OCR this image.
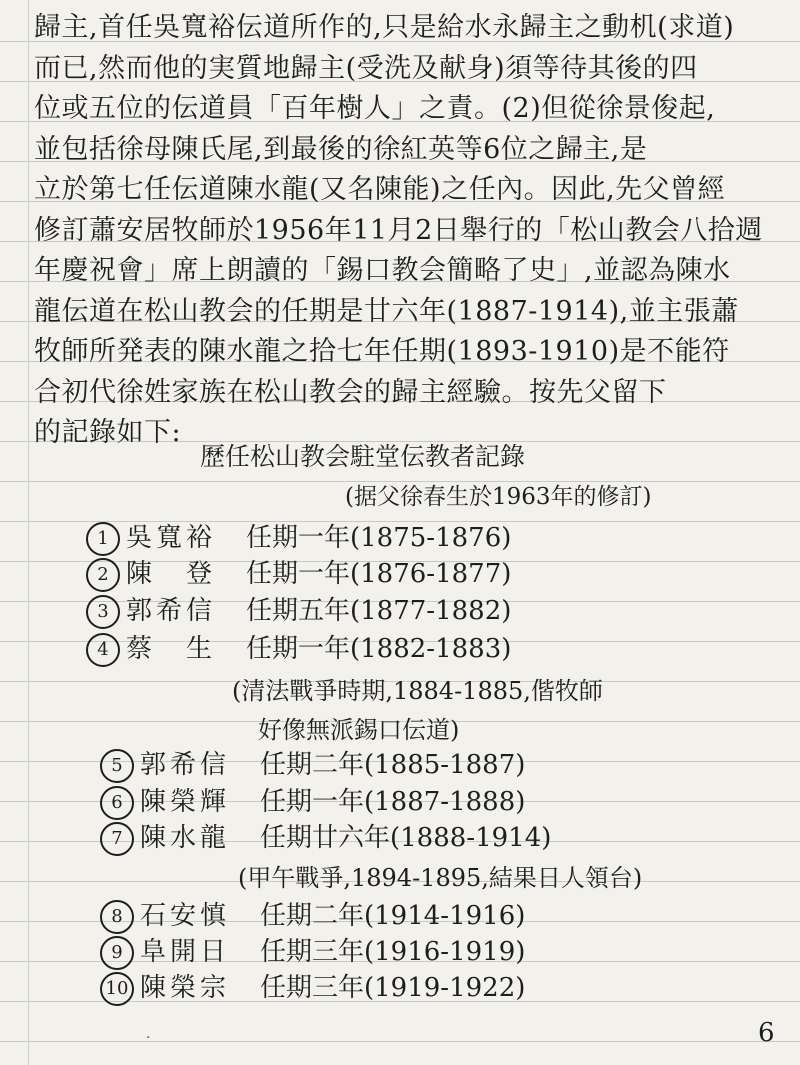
歸主,首任吳寬裕伝道所作的,只是給水永歸主之動机(求道)
而已,然而他的実質地歸主(受洗及献身)須等待其後的四
位或五位的伝道員「百年樹人」之責。(2)但從徐景俊起,
並包括徐母陳氏尾,到最後的徐紅英等6位之歸主,是
立於第七任伝道陳水龍(又名陳能)之任內。因此,先父曾經
修訂蕭安居牧師於1956年11月2日舉行的「松山教会八拾週
年慶祝會」席上朗讀的「錫口教会簡略了史」,並認為陳水
龍伝道在松山教会的任期是廿六年(1887-1914),並主張蕭
牧師所発表的陳水龍之拾七年任期(1893-1910)是不能符
合初代徐姓家族在松山教会的歸主經驗。按先父留下
的記錄如下:
歷任松山教会駐堂伝教者記錄
(据父徐春生於1963年的修訂)
1 吳寬裕 任期一年(1875-1876)
2 陳　登 任期一年(1876-1877)
3 郭希信 任期五年(1877-1882)
4 蔡　生 任期一年(1882-1883)
(清法戰爭時期,1884-1885,偕牧師
好像無派錫口伝道)
5 郭希信 任期二年(1885-1887)
6 陳榮輝 任期一年(1887-1888)
7 陳水龍 任期廿六年(1888-1914)
(甲午戰爭,1894-1895,結果日人領台)
8 石安慎 任期二年(1914-1916)
9 阜開日 任期三年(1916-1919)
10 陳榮宗 任期三年(1919-1922)
·	6
